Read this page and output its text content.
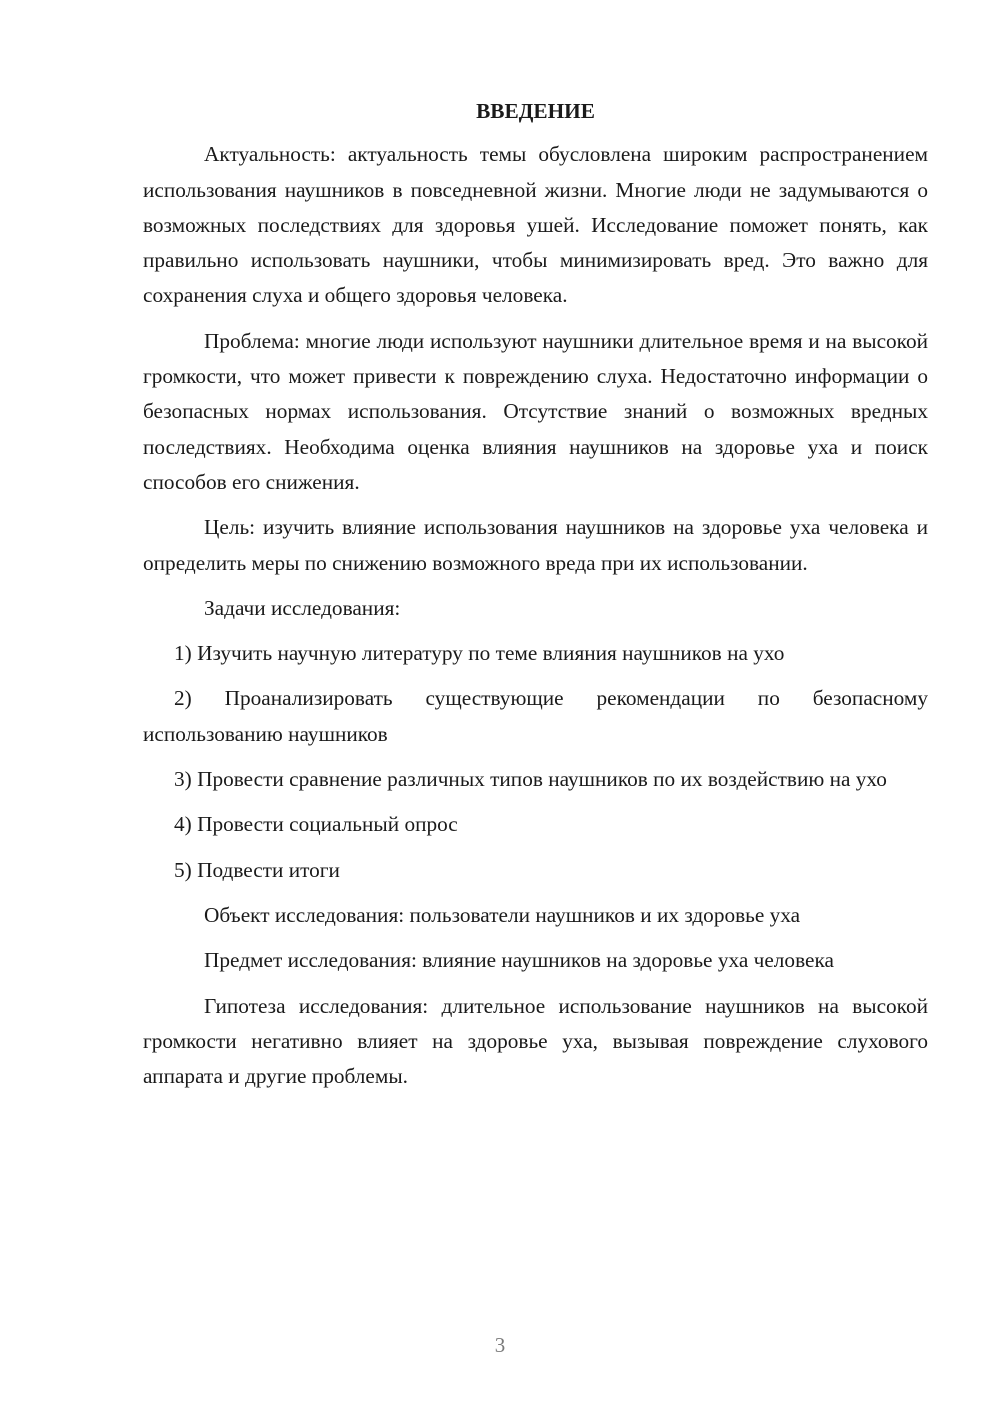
ВВЕДЕНИЕ

Актуальность: актуальность темы обусловлена широким распространением использования наушников в повседневной жизни. Многие люди не задумываются о возможных последствиях для здоровья ушей. Исследование поможет понять, как правильно использовать наушники, чтобы минимизировать вред. Это важно для сохранения слуха и общего здоровья человека.

Проблема: многие люди используют наушники длительное время и на высокой громкости, что может привести к повреждению слуха. Недостаточно информации о безопасных нормах использования. Отсутствие знаний о возможных вредных последствиях. Необходима оценка влияния наушников на здоровье уха и поиск способов его снижения.

Цель: изучить влияние использования наушников на здоровье уха человека и определить меры по снижению возможного вреда при их использовании.

Задачи исследования:

1) Изучить научную литературу по теме влияния наушников на ухо

2) Проанализировать существующие рекомендации по безопасному использованию наушников

3) Провести сравнение различных типов наушников по их воздействию на ухо

4) Провести социальный опрос

5) Подвести итоги

Объект исследования: пользователи наушников и их здоровье уха

Предмет исследования: влияние наушников на здоровье уха человека

Гипотеза исследования: длительное использование наушников на высокой громкости негативно влияет на здоровье уха, вызывая повреждение слухового аппарата и другие проблемы.

3
